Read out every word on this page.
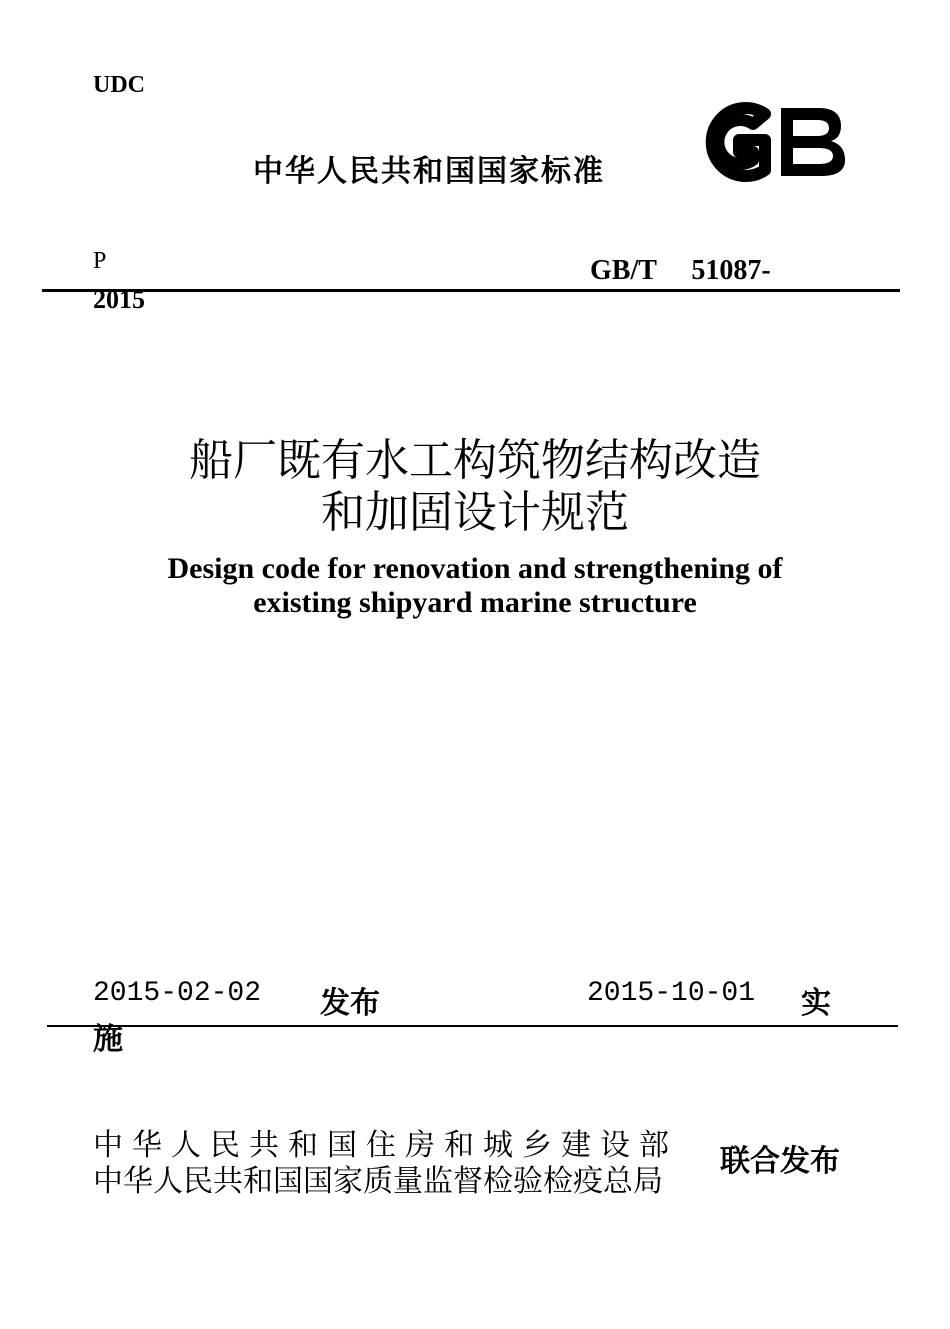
UDC
中华人民共和国国家标准
P	GB/T　 51087-
2015
船厂既有水工构筑物结构改造
和加固设计规范
Design code for renovation and strengthening of
existing shipyard marine structure
2015-02-02 发布	2015-10-01 实
施
中华人民共和国住房和城乡建设部
中华人民共和国国家质量监督检验检疫总局
联合发布
